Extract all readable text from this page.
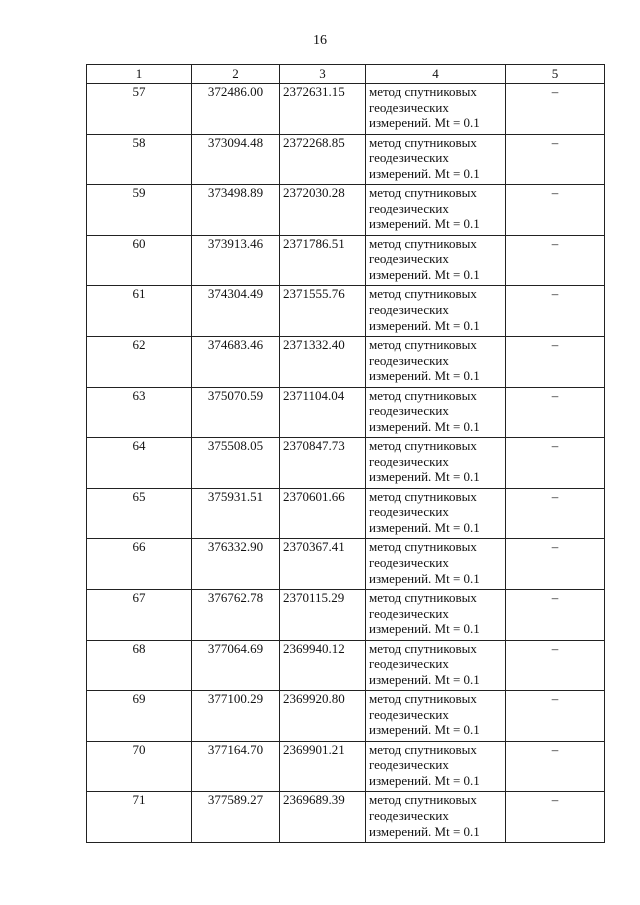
16
1	2	3	4	5
57	372486.00	2372631.15	метод спутниковых геодезических измерений. Mt = 0.1	–
58	373094.48	2372268.85	метод спутниковых геодезических измерений. Mt = 0.1	–
59	373498.89	2372030.28	метод спутниковых геодезических измерений. Mt = 0.1	–
60	373913.46	2371786.51	метод спутниковых геодезических измерений. Mt = 0.1	–
61	374304.49	2371555.76	метод спутниковых геодезических измерений. Mt = 0.1	–
62	374683.46	2371332.40	метод спутниковых геодезических измерений. Mt = 0.1	–
63	375070.59	2371104.04	метод спутниковых геодезических измерений. Mt = 0.1	–
64	375508.05	2370847.73	метод спутниковых геодезических измерений. Mt = 0.1	–
65	375931.51	2370601.66	метод спутниковых геодезических измерений. Mt = 0.1	–
66	376332.90	2370367.41	метод спутниковых геодезических измерений. Mt = 0.1	–
67	376762.78	2370115.29	метод спутниковых геодезических измерений. Mt = 0.1	–
68	377064.69	2369940.12	метод спутниковых геодезических измерений. Mt = 0.1	–
69	377100.29	2369920.80	метод спутниковых геодезических измерений. Mt = 0.1	–
70	377164.70	2369901.21	метод спутниковых геодезических измерений. Mt = 0.1	–
71	377589.27	2369689.39	метод спутниковых геодезических измерений. Mt = 0.1	–
